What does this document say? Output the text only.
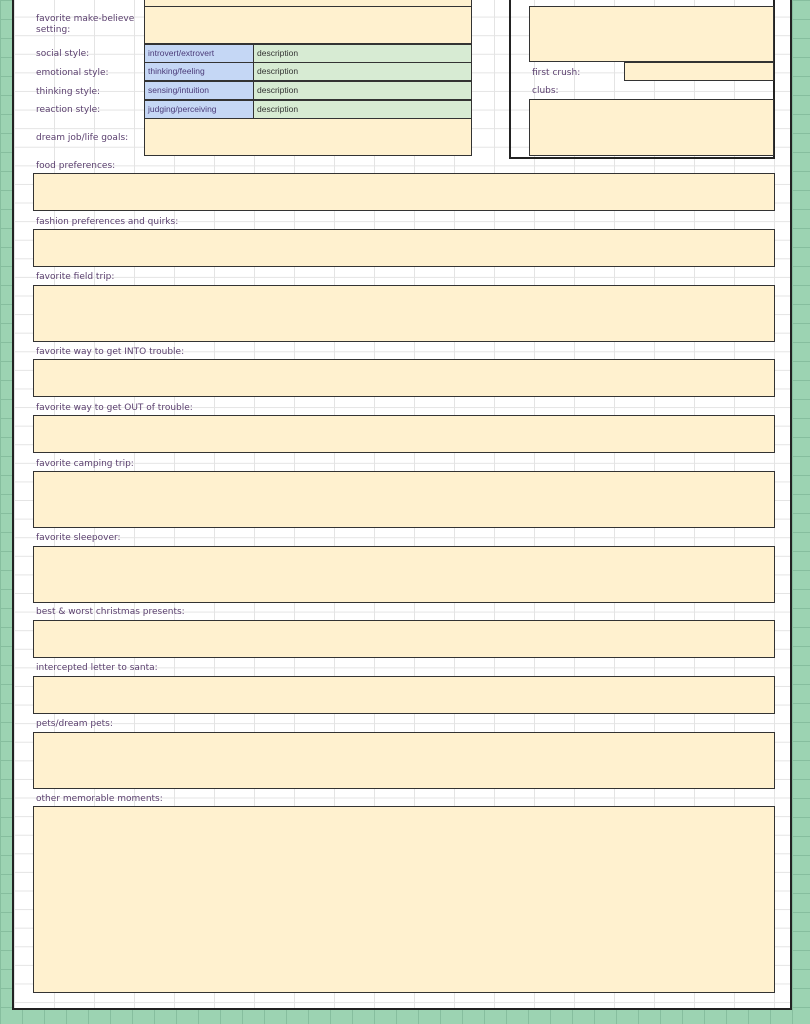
favorite make-believe setting:
social style:	introvert/extrovert	description
emotional style:	thinking/feeling	description
thinking style:	sensing/intuition	description
reaction style:	judging/perceiving	description
dream job/life goals:
first crush:
clubs:
food preferences:
fashion preferences and quirks:
favorite field trip:
favorite way to get INTO trouble:
favorite way to get OUT of trouble:
favorite camping trip:
favorite sleepover:
best & worst christmas presents:
intercepted letter to santa:
pets/dream pets:
other memorable moments:
